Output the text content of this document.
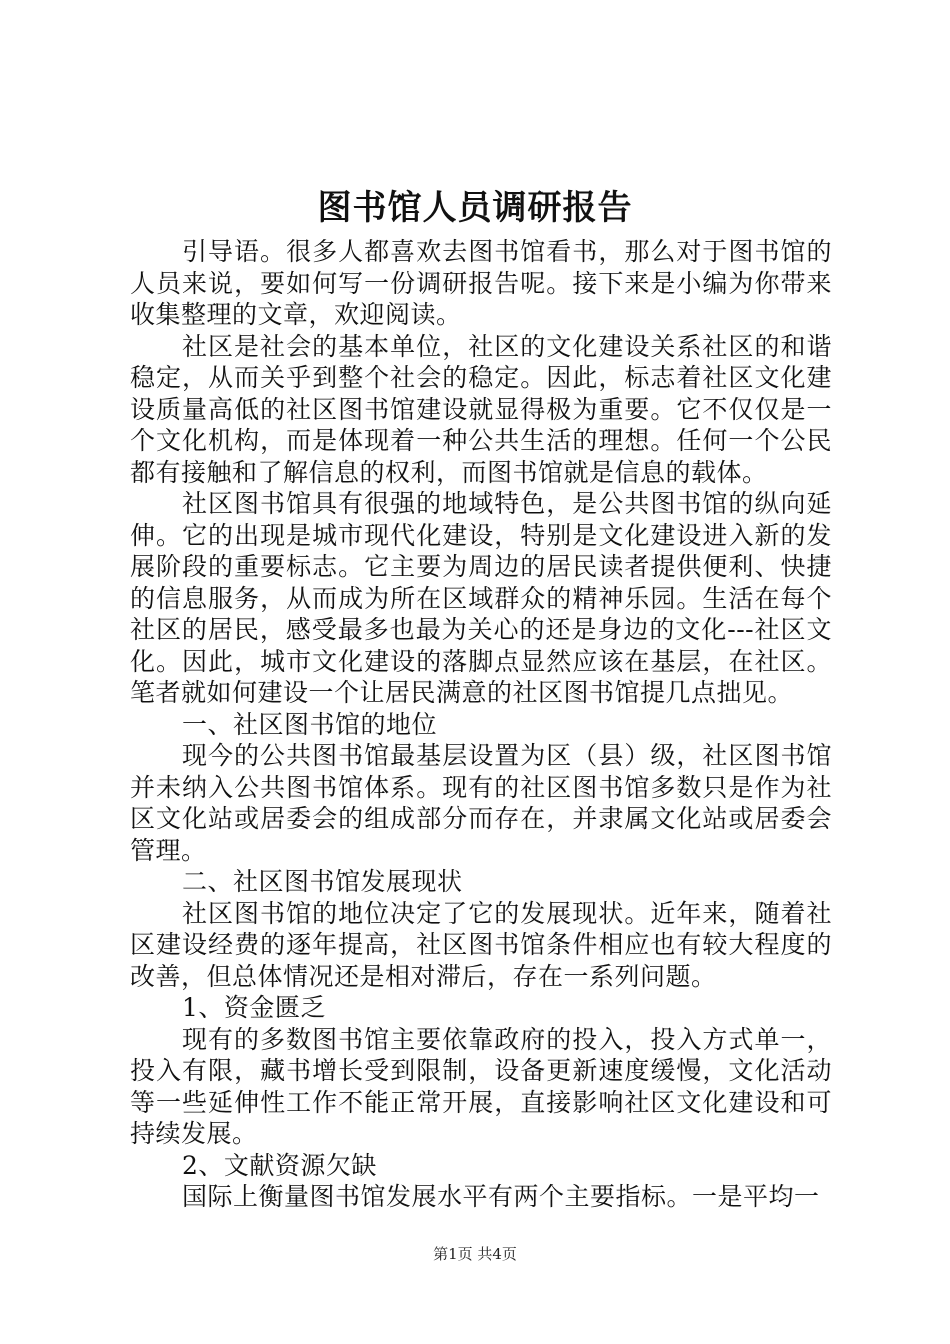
图书馆人员调研报告

引导语。很多人都喜欢去图书馆看书，那么对于图书馆的人员来说，要如何写一份调研报告呢。接下来是小编为你带来收集整理的文章，欢迎阅读。

社区是社会的基本单位，社区的文化建设关系社区的和谐稳定，从而关乎到整个社会的稳定。因此，标志着社区文化建设质量高低的社区图书馆建设就显得极为重要。它不仅仅是一个文化机构，而是体现着一种公共生活的理想。任何一个公民都有接触和了解信息的权利，而图书馆就是信息的载体。

社区图书馆具有很强的地域特色，是公共图书馆的纵向延伸。它的出现是城市现代化建设，特别是文化建设进入新的发展阶段的重要标志。它主要为周边的居民读者提供便利、快捷的信息服务，从而成为所在区域群众的精神乐园。生活在每个社区的居民，感受最多也最为关心的还是身边的文化---社区文化。因此，城市文化建设的落脚点显然应该在基层，在社区。笔者就如何建设一个让居民满意的社区图书馆提几点拙见。

一、社区图书馆的地位

现今的公共图书馆最基层设置为区（县）级，社区图书馆并未纳入公共图书馆体系。现有的社区图书馆多数只是作为社区文化站或居委会的组成部分而存在，并隶属文化站或居委会管理。

二、社区图书馆发展现状

社区图书馆的地位决定了它的发展现状。近年来，随着社区建设经费的逐年提高，社区图书馆条件相应也有较大程度的改善，但总体情况还是相对滞后，存在一系列问题。

1、资金匮乏

现有的多数图书馆主要依靠政府的投入，投入方式单一，投入有限，藏书增长受到限制，设备更新速度缓慢，文化活动等一些延伸性工作不能正常开展，直接影响社区文化建设和可持续发展。

2、文献资源欠缺

国际上衡量图书馆发展水平有两个主要指标。一是平均一

第1页 共4页
